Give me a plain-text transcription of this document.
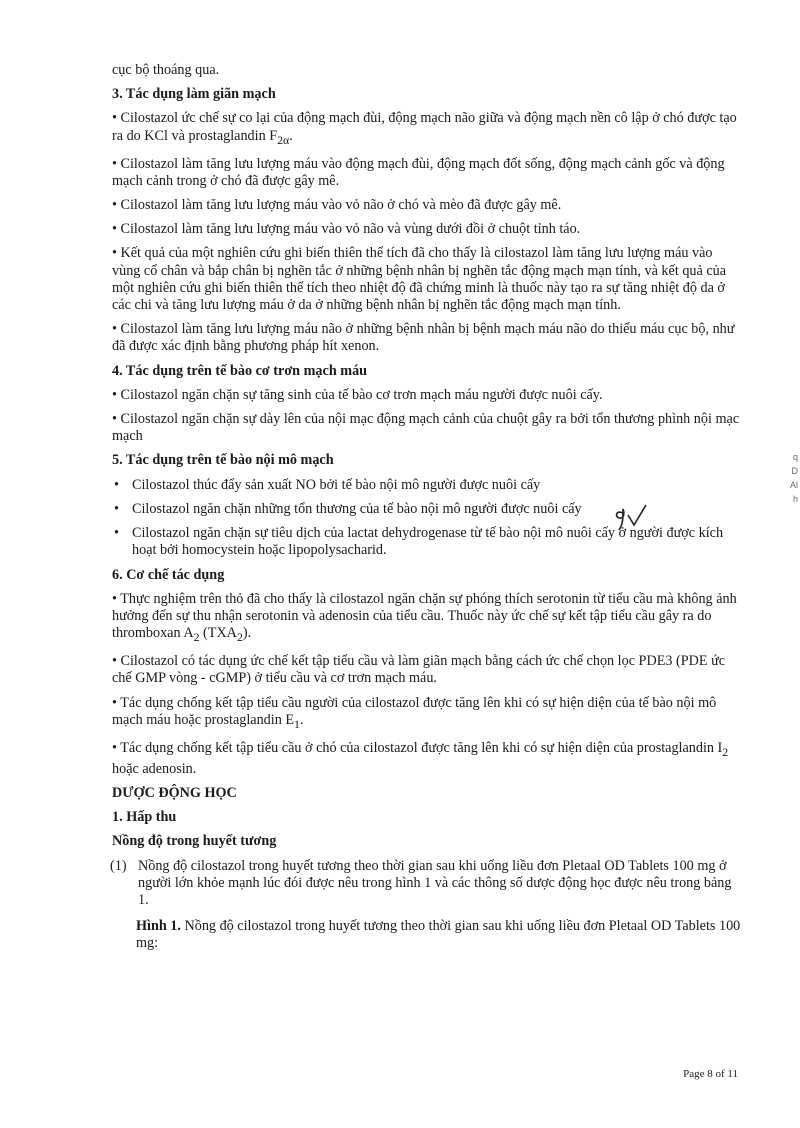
cục bộ thoáng qua.

3. Tác dụng làm giãn mạch

• Cilostazol ức chế sự co lại của động mạch đùi, động mạch não giữa và động mạch nền cô lập ở chó được tạo ra do KCl và prostaglandin $F_{2\alpha}$.

• Cilostazol làm tăng lưu lượng máu vào động mạch đùi, động mạch đốt sống, động mạch cảnh gốc và động mạch cảnh trong ở chó đã được gây mê.

• Cilostazol làm tăng lưu lượng máu vào vỏ não ở chó và mèo đã được gây mê.

• Cilostazol làm tăng lưu lượng máu vào vỏ não và vùng dưới đồi ở chuột tỉnh táo.

• Kết quả của một nghiên cứu ghi biến thiên thể tích đã cho thấy là cilostazol làm tăng lưu lượng máu vào vùng cổ chân và bắp chân bị nghẽn tắc ở những bệnh nhân bị nghẽn tắc động mạch mạn tính, và kết quả của một nghiên cứu ghi biến thiên thể tích theo nhiệt độ đã chứng minh là thuốc này tạo ra sự tăng nhiệt độ da ở các chi và tăng lưu lượng máu ở da ở những bệnh nhân bị nghẽn tắc động mạch mạn tính.

• Cilostazol làm tăng lưu lượng máu não ở những bệnh nhân bị bệnh mạch máu não do thiếu máu cục bộ, như đã được xác định bằng phương pháp hít xenon.

4. Tác dụng trên tế bào cơ trơn mạch máu

• Cilostazol ngăn chặn sự tăng sinh của tế bào cơ trơn mạch máu người được nuôi cấy.

• Cilostazol ngăn chặn sự dày lên của nội mạc động mạch cảnh của chuột gây ra bởi tổn thương phình nội mạc mạch

5. Tác dụng trên tế bào nội mô mạch

• Cilostazol thúc đẩy sản xuất NO bởi tế bào nội mô người được nuôi cấy
• Cilostazol ngăn chặn những tổn thương của tế bào nội mô người được nuôi cấy
• Cilostazol ngăn chặn sự tiêu dịch của lactat dehydrogenase từ tế bào nội mô nuôi cấy ở người được kích hoạt bởi homocystein hoặc lipopolysacharid.

6. Cơ chế tác dụng

• Thực nghiệm trên thỏ đã cho thấy là cilostazol ngăn chặn sự phóng thích serotonin từ tiểu cầu mà không ảnh hưởng đến sự thu nhận serotonin và adenosin của tiểu cầu. Thuốc này ức chế sự kết tập tiểu cầu gây ra do thromboxan $A_2$ $(TXA_2)$.

• Cilostazol có tác dụng ức chế kết tập tiểu cầu và làm giãn mạch bằng cách ức chế chọn lọc PDE3 (PDE ức chế GMP vòng - cGMP) ở tiểu cầu và cơ trơn mạch máu.

• Tác dụng chống kết tập tiểu cầu người của cilostazol được tăng lên khi có sự hiện diện của tế bào nội mô mạch máu hoặc prostaglandin $E_1$.

• Tác dụng chống kết tập tiểu cầu ở chó của cilostazol được tăng lên khi có sự hiện diện của prostaglandin $I_2$ hoặc adenosin.

DƯỢC ĐỘNG HỌC

1. Hấp thu

Nồng độ trong huyết tương

(1) Nồng độ cilostazol trong huyết tương theo thời gian sau khi uống liều đơn Pletaal OD Tablets 100 mg ở người lớn khỏe mạnh lúc đói được nêu trong hình 1 và các thông số dược động học được nêu trong bảng 1.

Hình 1. Nồng độ cilostazol trong huyết tương theo thời gian sau khi uống liều đơn Pletaal OD Tablets 100 mg:

q
D
Al
h
Page 8 of 11
